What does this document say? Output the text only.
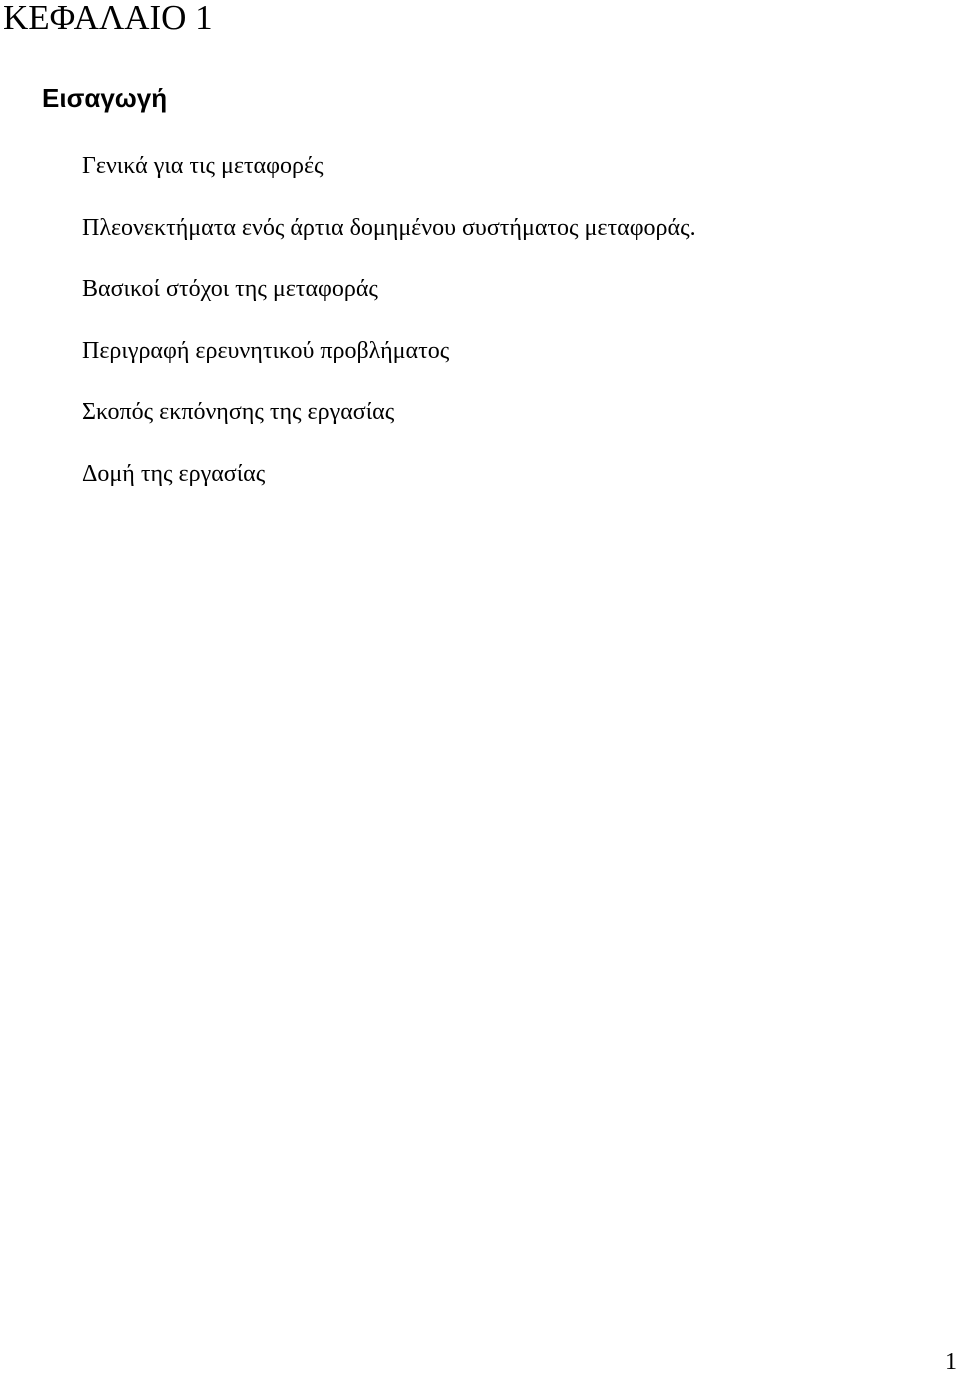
ΚΕΦΑΛΑΙΟ 1
Εισαγωγή
Γενικά για τις μεταφορές
Πλεονεκτήματα ενός άρτια δομημένου συστήματος μεταφοράς.
Βασικοί στόχοι της μεταφοράς
Περιγραφή ερευνητικού προβλήματος
Σκοπός εκπόνησης της εργασίας
Δομή της εργασίας
1
